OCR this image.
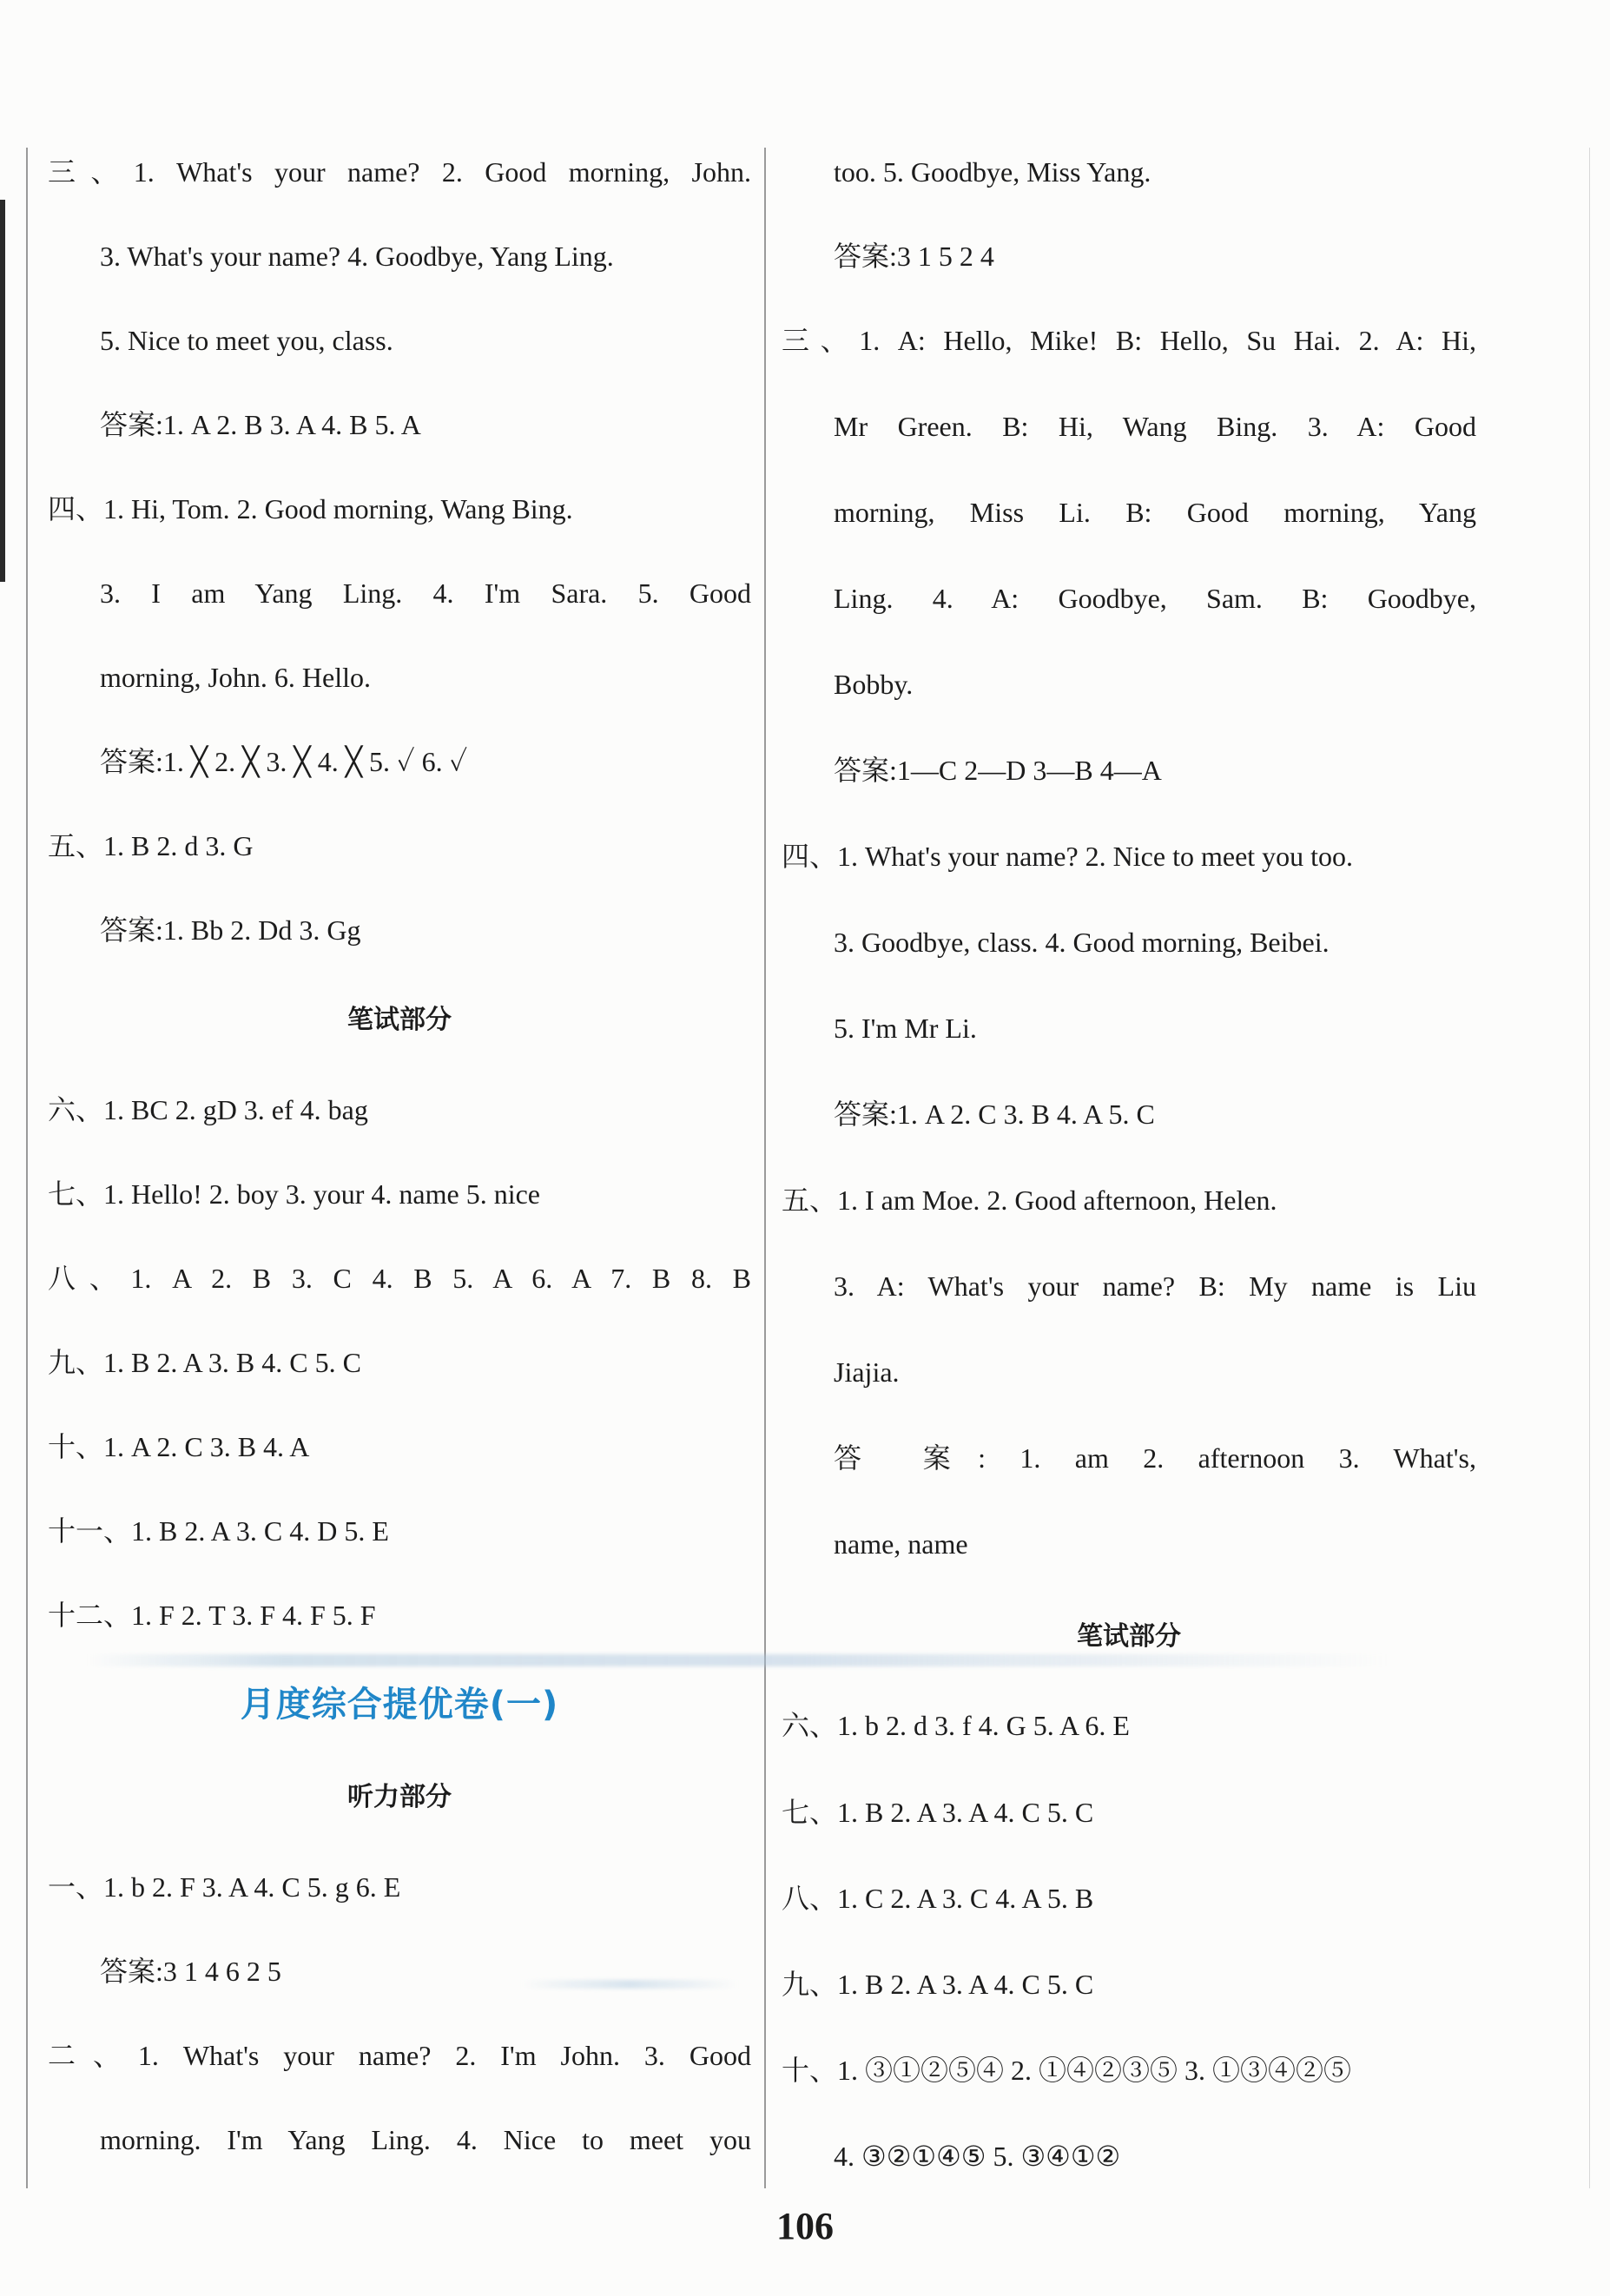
三、1. What's your name? 2. Good morning, John.
3. What's your name? 4. Goodbye, Yang Ling.
5. Nice to meet you, class.
答案:1. A 2. B 3. A 4. B 5. A
四、1. Hi, Tom. 2. Good morning, Wang Bing.
3. I am Yang Ling. 4. I'm Sara. 5. Good
morning, John. 6. Hello.
答案:1. ╳ 2. ╳ 3. ╳ 4. ╳ 5. ✓ 6. ✓
五、1. B 2. d 3. G
答案:1. Bb 2. Dd 3. Gg
笔试部分
六、1. BC 2. gD 3. ef 4. bag
七、1. Hello! 2. boy 3. your 4. name 5. nice
八、1. A 2. B 3. C 4. B 5. A 6. A 7. B 8. B
九、1. B 2. A 3. B 4. C 5. C
十、1. A 2. C 3. B 4. A
十一、1. B 2. A 3. C 4. D 5. E
十二、1. F 2. T 3. F 4. F 5. F
月度综合提优卷(一)
听力部分
一、1. b 2. F 3. A 4. C 5. g 6. E
答案:3 1 4 6 2 5
二、1. What's your name? 2. I'm John. 3. Good
morning. I'm Yang Ling. 4. Nice to meet you
too. 5. Goodbye, Miss Yang.
答案:3 1 5 2 4
三、1. A: Hello, Mike! B: Hello, Su Hai. 2. A: Hi,
Mr Green. B: Hi, Wang Bing. 3. A: Good
morning, Miss Li. B: Good morning, Yang
Ling. 4. A: Goodbye, Sam. B: Goodbye,
Bobby.
答案:1—C 2—D 3—B 4—A
四、1. What's your name? 2. Nice to meet you too.
3. Goodbye, class. 4. Good morning, Beibei.
5. I'm Mr Li.
答案:1. A 2. C 3. B 4. A 5. C
五、1. I am Moe. 2. Good afternoon, Helen.
3. A: What's your name? B: My name is Liu
Jiajia.
答 案: 1. am 2. afternoon 3. What's,
name, name
笔试部分
六、1. b 2. d 3. f 4. G 5. A 6. E
七、1. B 2. A 3. A 4. C 5. C
八、1. C 2. A 3. C 4. A 5. B
九、1. B 2. A 3. A 4. C 5. C
十、1. ③①②⑤④ 2. ①④②③⑤ 3. ①③④②⑤
4. ③②①④⑤ 5. ③④①②
106
